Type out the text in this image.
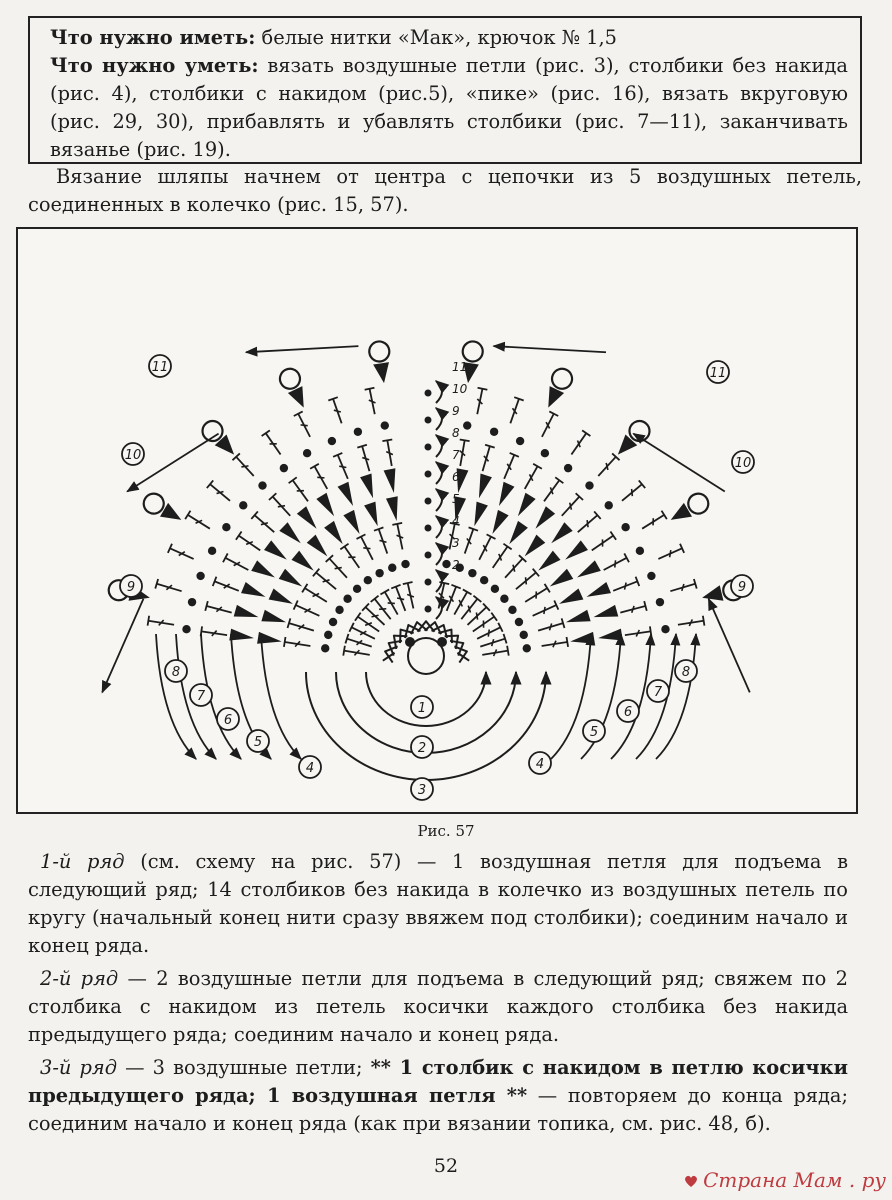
Что нужно иметь: белые нитки «Мак», крючок № 1,5

Что нужно уметь: вязать воздушные петли (рис. 3), столбики без накида (рис. 4), столбики с накидом (рис.5), «пике» (рис. 16), вязать вкруговую (рис. 29, 30), прибавлять и убавлять столбики (рис. 7—11), заканчивать вязанье (рис. 19).

Вязание шляпы начнем от центра с цепочки из 5 воздушных петель, соединенных в колечко (рис. 15, 57).

1
2
3
4	4
5
5
6
6
7	7
8	8
9	9
10
10
11	11
2
3
4
5
6
7
8
9
10
11
Рис. 57

1-й ряд (см. схему на рис. 57) — 1 воздушная петля для подъема в следующий ряд; 14 столбиков без накида в колечко из воздушных петель по кругу (начальный конец нити сразу ввяжем под столбики); соединим начало и конец ряда.

2-й ряд — 2 воздушные петли для подъема в следующий ряд; свяжем по 2 столбика с накидом из петель косички каждого столбика без накида предыдущего ряда; соединим начало и конец ряда.

3-й ряд — 3 воздушные петли; ** 1 столбик с накидом в петлю косички предыдущего ряда; 1 воздушная петля ** — повторяем до конца ряда; соединим начало и конец ряда (как при вязании топика, см. рис. 48, б).

52
Страна Мам . ру
